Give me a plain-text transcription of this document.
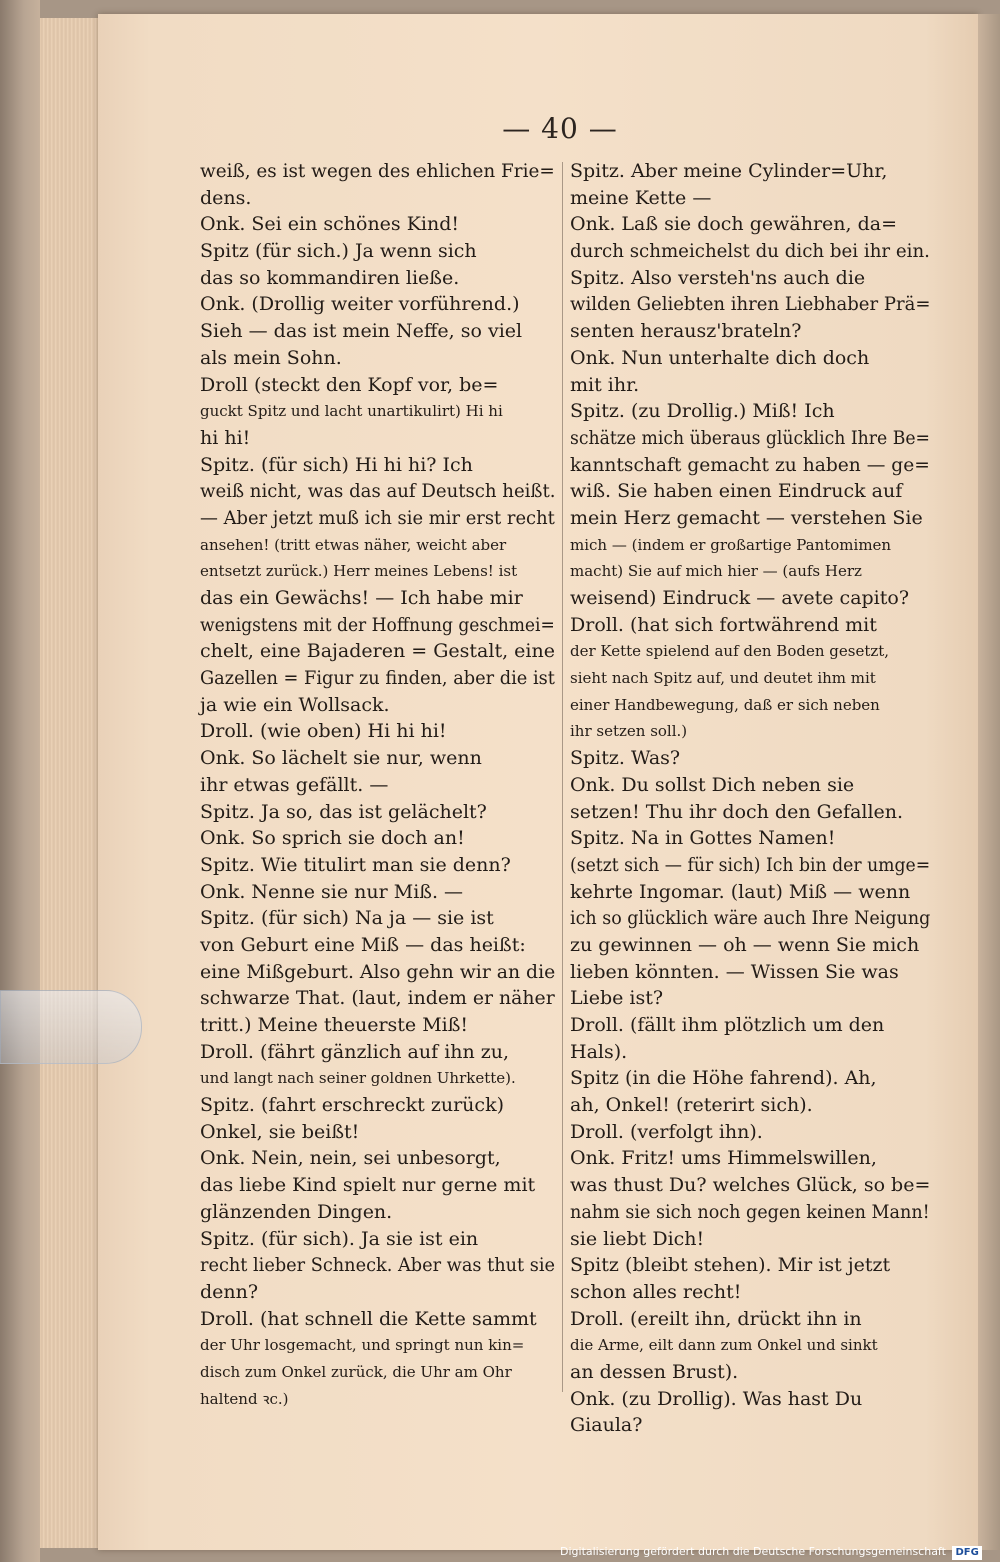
— 40 —
weiß, es ist wegen des ehlichen Frie=
dens.
Onk. Sei ein schönes Kind!
Spitz (für sich.) Ja wenn sich
das so kommandiren ließe.
Onk. (Drollig weiter vorführend.)
Sieh — das ist mein Neffe, so viel
als mein Sohn.
Droll (steckt den Kopf vor, be=
guckt Spitz und lacht unartikulirt) Hi hi
hi hi!
Spitz. (für sich) Hi hi hi? Ich
weiß nicht, was das auf Deutsch heißt.
— Aber jetzt muß ich sie mir erst recht
ansehen! (tritt etwas näher, weicht aber
entsetzt zurück.) Herr meines Lebens! ist
das ein Gewächs! — Ich habe mir
wenigstens mit der Hoffnung geschmei=
chelt, eine Bajaderen = Gestalt, eine
Gazellen = Figur zu finden, aber die ist
ja wie ein Wollsack.
Droll. (wie oben) Hi hi hi!
Onk. So lächelt sie nur, wenn
ihr etwas gefällt. —
Spitz. Ja so, das ist gelächelt?
Onk. So sprich sie doch an!
Spitz. Wie titulirt man sie denn?
Onk. Nenne sie nur Miß. —
Spitz. (für sich) Na ja — sie ist
von Geburt eine Miß — das heißt:
eine Mißgeburt. Also gehn wir an die
schwarze That. (laut, indem er näher
tritt.) Meine theuerste Miß!
Droll. (fährt gänzlich auf ihn zu,
und langt nach seiner goldnen Uhrkette).
Spitz. (fahrt erschreckt zurück)
Onkel, sie beißt!
Onk. Nein, nein, sei unbesorgt,
das liebe Kind spielt nur gerne mit
glänzenden Dingen.
Spitz. (für sich). Ja sie ist ein
recht lieber Schneck. Aber was thut sie
denn?
Droll. (hat schnell die Kette sammt
der Uhr losgemacht, und springt nun kin=
disch zum Onkel zurück, die Uhr am Ohr
haltend ꝛc.)
Spitz. Aber meine Cylinder=Uhr,
meine Kette —
Onk. Laß sie doch gewähren, da=
durch schmeichelst du dich bei ihr ein.
Spitz. Also versteh'ns auch die
wilden Geliebten ihren Liebhaber Prä=
senten herausz'brateln?
Onk. Nun unterhalte dich doch
mit ihr.
Spitz. (zu Drollig.) Miß! Ich
schätze mich überaus glücklich Ihre Be=
kanntschaft gemacht zu haben — ge=
wiß. Sie haben einen Eindruck auf
mein Herz gemacht — verstehen Sie
mich — (indem er großartige Pantomimen
macht) Sie auf mich hier — (aufs Herz
weisend) Eindruck — avete capito?
Droll. (hat sich fortwährend mit
der Kette spielend auf den Boden gesetzt,
sieht nach Spitz auf, und deutet ihm mit
einer Handbewegung, daß er sich neben
ihr setzen soll.)
Spitz. Was?
Onk. Du sollst Dich neben sie
setzen! Thu ihr doch den Gefallen.
Spitz. Na in Gottes Namen!
(setzt sich — für sich) Ich bin der umge=
kehrte Ingomar. (laut) Miß — wenn
ich so glücklich wäre auch Ihre Neigung
zu gewinnen — oh — wenn Sie mich
lieben könnten. — Wissen Sie was
Liebe ist?
Droll. (fällt ihm plötzlich um den
Hals).
Spitz (in die Höhe fahrend). Ah,
ah, Onkel! (reterirt sich).
Droll. (verfolgt ihn).
Onk. Fritz! ums Himmelswillen,
was thust Du? welches Glück, so be=
nahm sie sich noch gegen keinen Mann!
sie liebt Dich!
Spitz (bleibt stehen). Mir ist jetzt
schon alles recht!
Droll. (ereilt ihn, drückt ihn in
die Arme, eilt dann zum Onkel und sinkt
an dessen Brust).
Onk. (zu Drollig). Was hast Du
Giaula?
Digitalisierung gefördert durch die Deutsche Forschungsgemeinschaft DFG
